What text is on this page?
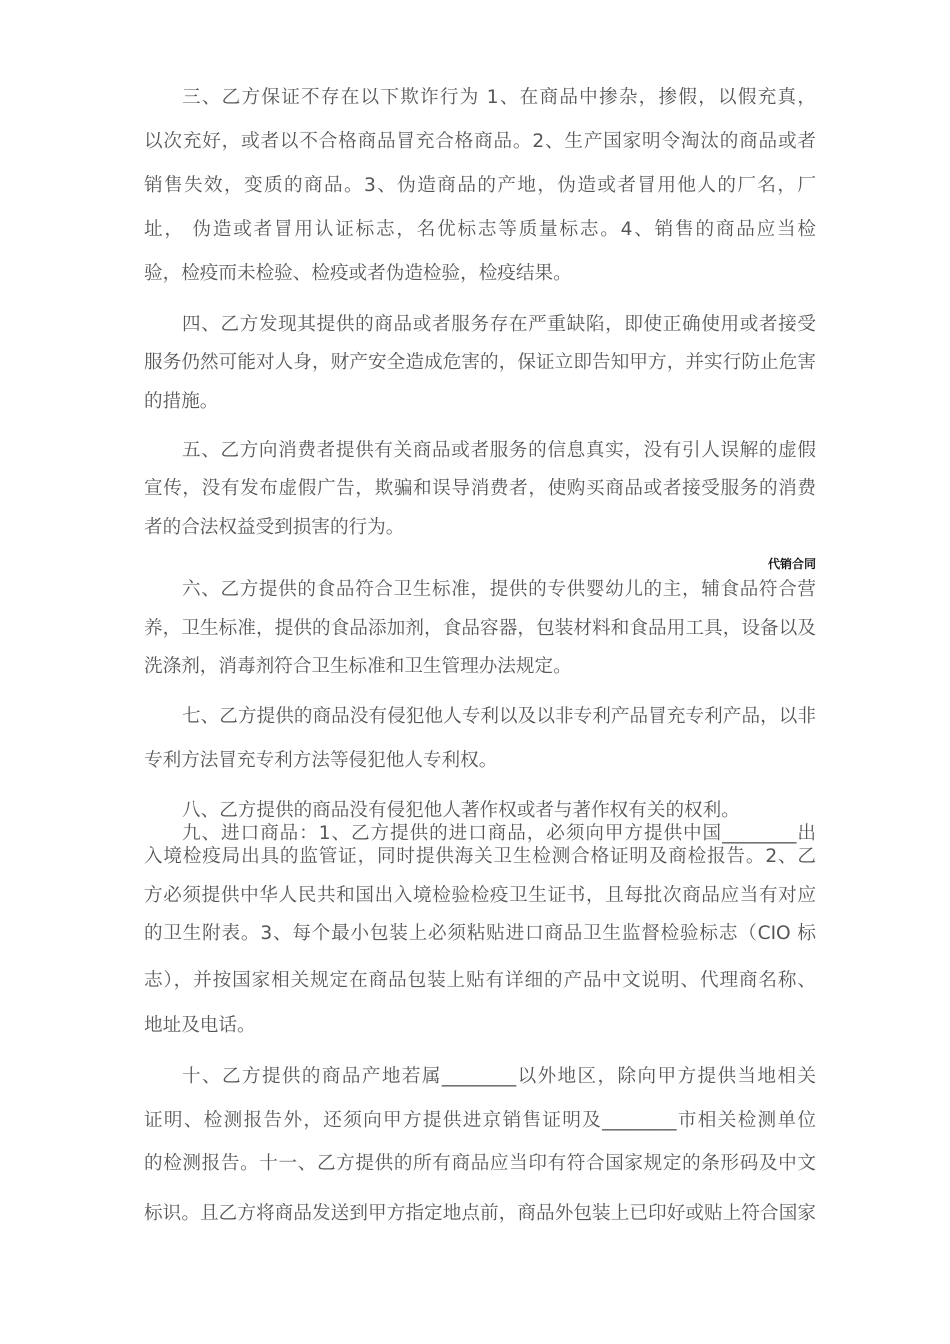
代销合同
三、乙方保证不存在以下欺诈行为 1、在商品中掺杂，掺假，以假充真，
以次充好，或者以不合格商品冒充合格商品。2、生产国家明令淘汰的商品或者
销售失效，变质的商品。3、伪造商品的产地，伪造或者冒用他人的厂名，厂
址， 伪造或者冒用认证标志，名优标志等质量标志。4、销售的商品应当检
验，检疫而未检验、检疫或者伪造检验，检疫结果。
四、乙方发现其提供的商品或者服务存在严重缺陷，即使正确使用或者接受
服务仍然可能对人身，财产安全造成危害的，保证立即告知甲方，并实行防止危害
的措施。
五、乙方向消费者提供有关商品或者服务的信息真实，没有引人误解的虚假
宣传，没有发布虚假广告，欺骗和误导消费者，使购买商品或者接受服务的消费
者的合法权益受到损害的行为。
六、乙方提供的食品符合卫生标准，提供的专供婴幼儿的主，辅食品符合营
养，卫生标准，提供的食品添加剂，食品容器，包装材料和食品用工具，设备以及
洗涤剂，消毒剂符合卫生标准和卫生管理办法规定。
七、乙方提供的商品没有侵犯他人专利以及以非专利产品冒充专利产品，以非
专利方法冒充专利方法等侵犯他人专利权。
八、乙方提供的商品没有侵犯他人著作权或者与著作权有关的权利。
九、进口商品：1、乙方提供的进口商品，必须向甲方提供中国________出
入境检疫局出具的监管证，同时提供海关卫生检测合格证明及商检报告。2、乙
方必须提供中华人民共和国出入境检验检疫卫生证书，且每批次商品应当有对应
的卫生附表。3、每个最小包装上必须粘贴进口商品卫生监督检验标志（CIO 标
志），并按国家相关规定在商品包装上贴有详细的产品中文说明、代理商名称、
地址及电话。
十、乙方提供的商品产地若属________以外地区，除向甲方提供当地相关
证明、检测报告外，还须向甲方提供进京销售证明及________市相关检测单位
的检测报告。十一、乙方提供的所有商品应当印有符合国家规定的条形码及中文
标识。且乙方将商品发送到甲方指定地点前，商品外包装上已印好或贴上符合国家
